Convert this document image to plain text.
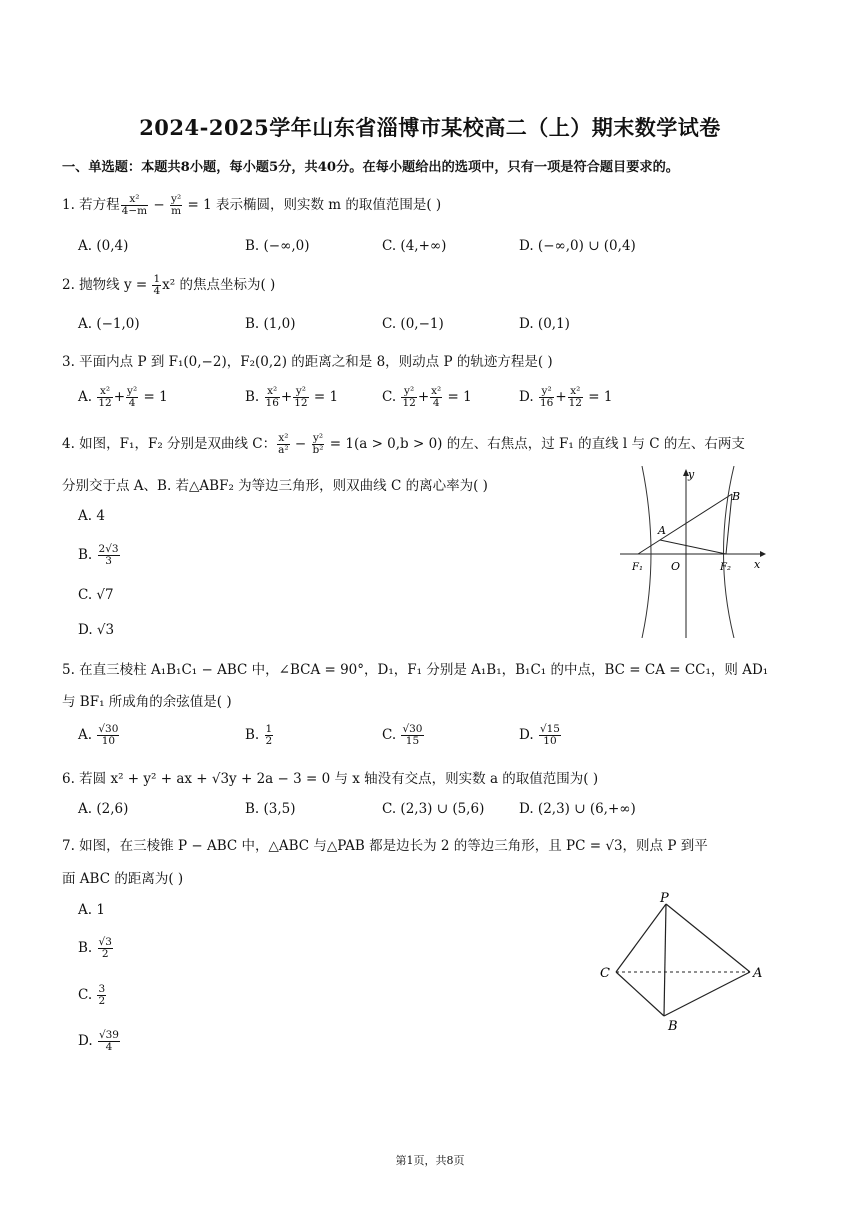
2024-2025学年山东省淄博市某校高二（上）期末数学试卷
一、单选题：本题共8小题，每小题5分，共40分。在每小题给出的选项中，只有一项是符合题目要求的。
1. 若方程 $\frac{\text{x²}}{4-m} - \frac{\text{y²}}{m} = 1$ 表示椭圆，则实数 m 的取值范围是( )
A. (0,4)	B. (−∞,0)	C. (4,+∞)	D. (−∞,0) ∪ (0,4)
2. 抛物线 $y = \frac{1}{4} x^2$ 的焦点坐标为( )
A. (−1,0)	B. (1,0)	C. (0,−1)	D. (0,1)
3. 平面内点 P 到 F₁(0,−2)，F₂(0,2) 的距离之和是 8，则动点 P 的轨迹方程是( )
A. $\frac{\text{x²}}{12} + \frac{\text{y²}}{4} = 1$	B. $\frac{\text{x²}}{16} + \frac{\text{y²}}{12} = 1$	C. $\frac{\text{y²}}{12} + \frac{\text{x²}}{4} = 1$	D. $\frac{\text{y²}}{16} + \frac{\text{x²}}{12} = 1$
4. 如图，F₁，F₂ 分别是双曲线 C： $\frac{\text{x²}}{\text{a²}} - \frac{\text{y²}}{\text{b²}} = 1(a > 0,b > 0)$ 的左、右焦点，过 F₁ 的直线 l 与 C 的左、右两支
分别交于点 A、B. 若△ABF₂ 为等边三角形，则双曲线 C 的离心率为( )
A. 4
B. $\frac{2√3}{3}$
C. √7
D. √3
y
x
A
B
F₁	O	F₂
5. 在直三棱柱 A₁B₁C₁ − ABC 中，∠BCA = 90°，D₁，F₁ 分别是 A₁B₁，B₁C₁ 的中点，BC = CA = CC₁，则 AD₁
与 BF₁ 所成角的余弦值是( )
A. $\frac{√30}{10}$	B. $\frac{1}{2}$	C. $\frac{√30}{15}$	D. $\frac{√15}{10}$
6. 若圆 x² + y² + ax + √3y + 2a − 3 = 0 与 x 轴没有交点，则实数 a 的取值范围为( )
A. (2,6)	B. (3,5)	C. (2,3) ∪ (5,6)	D. (2,3) ∪ (6,+∞)
7. 如图，在三棱锥 P − ABC 中，△ABC 与△PAB 都是边长为 2 的等边三角形，且 PC = √3，则点 P 到平
面 ABC 的距离为( )
A. 1
B. $\frac{√3}{2}$
C. $\frac{3}{2}$
D. $\frac{√39}{4}$
P
A
C
B
第1页，共8页
